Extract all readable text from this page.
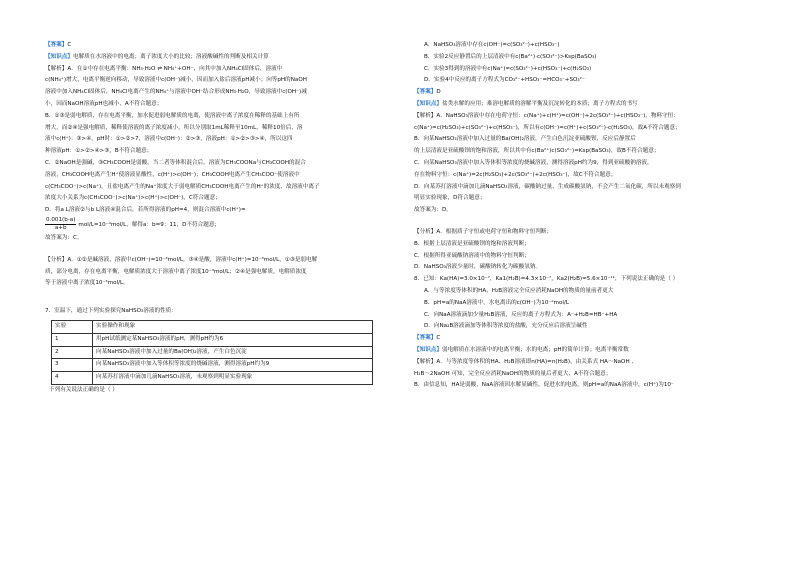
【答案】C
【知识点】电解质在水溶液中的电离；离子浓度大小的比较；溶液酸碱性的判断及相关计算
【解析】A．在①中存在电离平衡：NH₃·H₂O ⇌ NH₄⁺+OH⁻，向其中加入NH₄Cl固体后，溶液中
c(NH₄⁺)增大，电离平衡逆向移动，导致溶液中c(OH⁻)减小，因而加入盐后溶液pH减小；向等pH的NaOH
溶液中加入NH₄Cl固体后，NH₄Cl电离产生的NH₄⁺与溶液中OH⁻结合形成NH₃·H₂O，导致溶液中c(OH⁻)减
小，因而NaOH溶液pH也减小，A不符合题意；
B．①③是弱电解质，存在电离平衡，加水促进弱电解质的电离，使溶液中离子浓度在稀释的基础上有所
增大，而②④是强电解质，稀释使溶液的离子浓度减小，所以分别取1mL稀释至10mL，稀释10倍后，溶
液中c(H⁺)：③>④，pH时：①>②>7，溶液中c(OH⁻)：②>③，溶液pH：①>②>③>④，所以这四
种溶液pH：①>②>④>③，B不符合题意；
C．②NaOH是强碱，③CH₃COOH是弱酸，当二者等体积混合后，溶液为CH₃COONa与CH₃COOH的混合
溶液，CH₃COOH电离产生H⁺使溶液显酸性，c(H⁺)>c(OH⁻)；CH₃COOH电离产生CH₃COO⁻使溶液中
c(CH₃COO⁻)>c(Na⁺)，且盐电离产生的Na⁺浓度大于弱电解质CH₃COOH电离产生的H⁺的浓度，故溶液中离子
浓度大小关系为c(CH₃COO⁻)>c(Na⁺)>c(H⁺)>c(OH⁻)，C符合题意；
D．将a L溶液②与b L溶液④混合后，若所得溶液的pH=4，则混合溶液中c(H⁺)=
$\frac{0.001(b-a)}{a+b} mol/L=10^{-4}mol/L$，解得a：b=9：11，D不符合题意；
故答案为：C。
【分析】A．①②是碱溶液，溶液中c(OH⁻)=10⁻³mol/L，③④是酸，溶液中c(H⁺)=10⁻³mol/L，①③是弱电解
质，部分电离，存在电离平衡，电解质浓度大于溶液中离子浓度10⁻³mol/L；②④是强电解质，电解质浓度
等于溶液中离子浓度10⁻³mol/L。
7．室温下，通过下列实验探究NaHSO₃溶液的性质：
实验	实验操作和现象
1	用pH试纸测定某NaHSO₃溶液的pH，测得pH约为6
2	向某NaHSO₃溶液中加入过量的Ba(OH)₂溶液，产生白色沉淀
3	向某NaHSO₃溶液中加入等体积等浓度的烧碱溶液，测得溶液pH约为9
4	向某苏打溶液中滴加几滴NaHSO₃溶液，未观察到明显实验现象
下列有关说法正确的是（ ）
A．NaHSO₃溶液中存在c(OH⁻)=c(SO₃²⁻)+c(HSO₃⁻)
B．实验2反应静置后的上层清液中有c(Ba²⁺)·c(SO₃²⁻)>Ksp(BaSO₃)
C．实验3得到的溶液中有c(Na⁺)=c(SO₃²⁻)+c(HSO₃⁻)+c(H₂SO₃)
D．实验4中反应的离子方程式为CO₃²⁻+HSO₃⁻=HCO₃⁻+SO₃²⁻
【答案】D
【知识点】盐类水解的应用；难溶电解质的溶解平衡及沉淀转化的本质；离子方程式的书写
【解析】A．NaHSO₃溶液中存在电荷守恒：c(Na⁺)+c(H⁺)=c(OH⁻)+2c(SO₃²⁻)+c(HSO₃⁻)，物料守恒：
c(Na⁺)=c(H₂SO₃)+c(SO₃²⁻)+c(HSO₃⁻)，所以有c(OH⁻)=c(H⁺)+c(SO₃²⁻)-c(H₂SO₃)，故A不符合题意；
B．向某NaHSO₃溶液中加入过量的Ba(OH)₂溶液，产生白色沉淀亚硫酸钡，反应后静置后
的上层清液是亚硫酸钡的饱和溶液，所以其中有c(Ba²⁺)c(SO₃²⁻)=Ksp(BaSO₃)，故B不符合题意；
C．向某NaHSO₃溶液中加入等体积等浓度的烧碱溶液，测得溶液pH约为9，得到亚硫酸钠溶液，
存在物料守恒：c(Na⁺)=2c(H₂SO₃)+2c(SO₃²⁻)+2c(HSO₃⁻)，故C不符合题意；
D．向某苏打溶液中滴加几滴NaHSO₃溶液，碳酸钠过量，生成碳酸氢钠，不会产生二氧化碳，所以未观察到
明显实验现象，D符合题意；
故答案为：D。
【分析】A．根据质子守恒或电荷守恒和物料守恒判断；
B．根据上层清液是亚硫酸钡的饱和溶液判断；
C．根据所得亚硫酸钠溶液中的物料守恒判断；
D．NaHSO₃溶液少量时，碳酸钠转化为碳酸氢钠。
8．已知：Ka(HA)=3.0×10⁻⁷，Ka1(H₂B)=4.3×10⁻⁷，Ka2(H₂B)=5.6×10⁻¹¹，下列说法正确的是（ ）
A．与等浓度等体积的HA、H₂B溶液完全反应消耗NaOH的物质的量前者更大
B．pH=a的NaA溶液中，水电离出的c(OH⁻)为10⁻ᵃmol/L
C．向NaA溶液滴加少量H₂B溶液，反应的离子方程式为：A⁻+H₂B=HB⁻+HA
D．向Na₂B溶液滴加等体积等浓度的盐酸，充分反应后溶液呈碱性
【答案】C
【知识点】弱电解质在水溶液中的电离平衡；水的电离；pH的简单计算；电离平衡常数
【解析】A．与等浓度等体积的HA、H₂B溶液即n(HA)=n(H₂B)，由关系式 HA～NaOH 、
H₂B～2NaOH 可知，完全反应消耗NaOH的物质的量后者更大，A不符合题意；
B．由信息知，HA是弱酸，NaA溶液因水解显碱性，促进水的电离，则pH=a的NaA溶液中，c(H⁺)为10⁻
